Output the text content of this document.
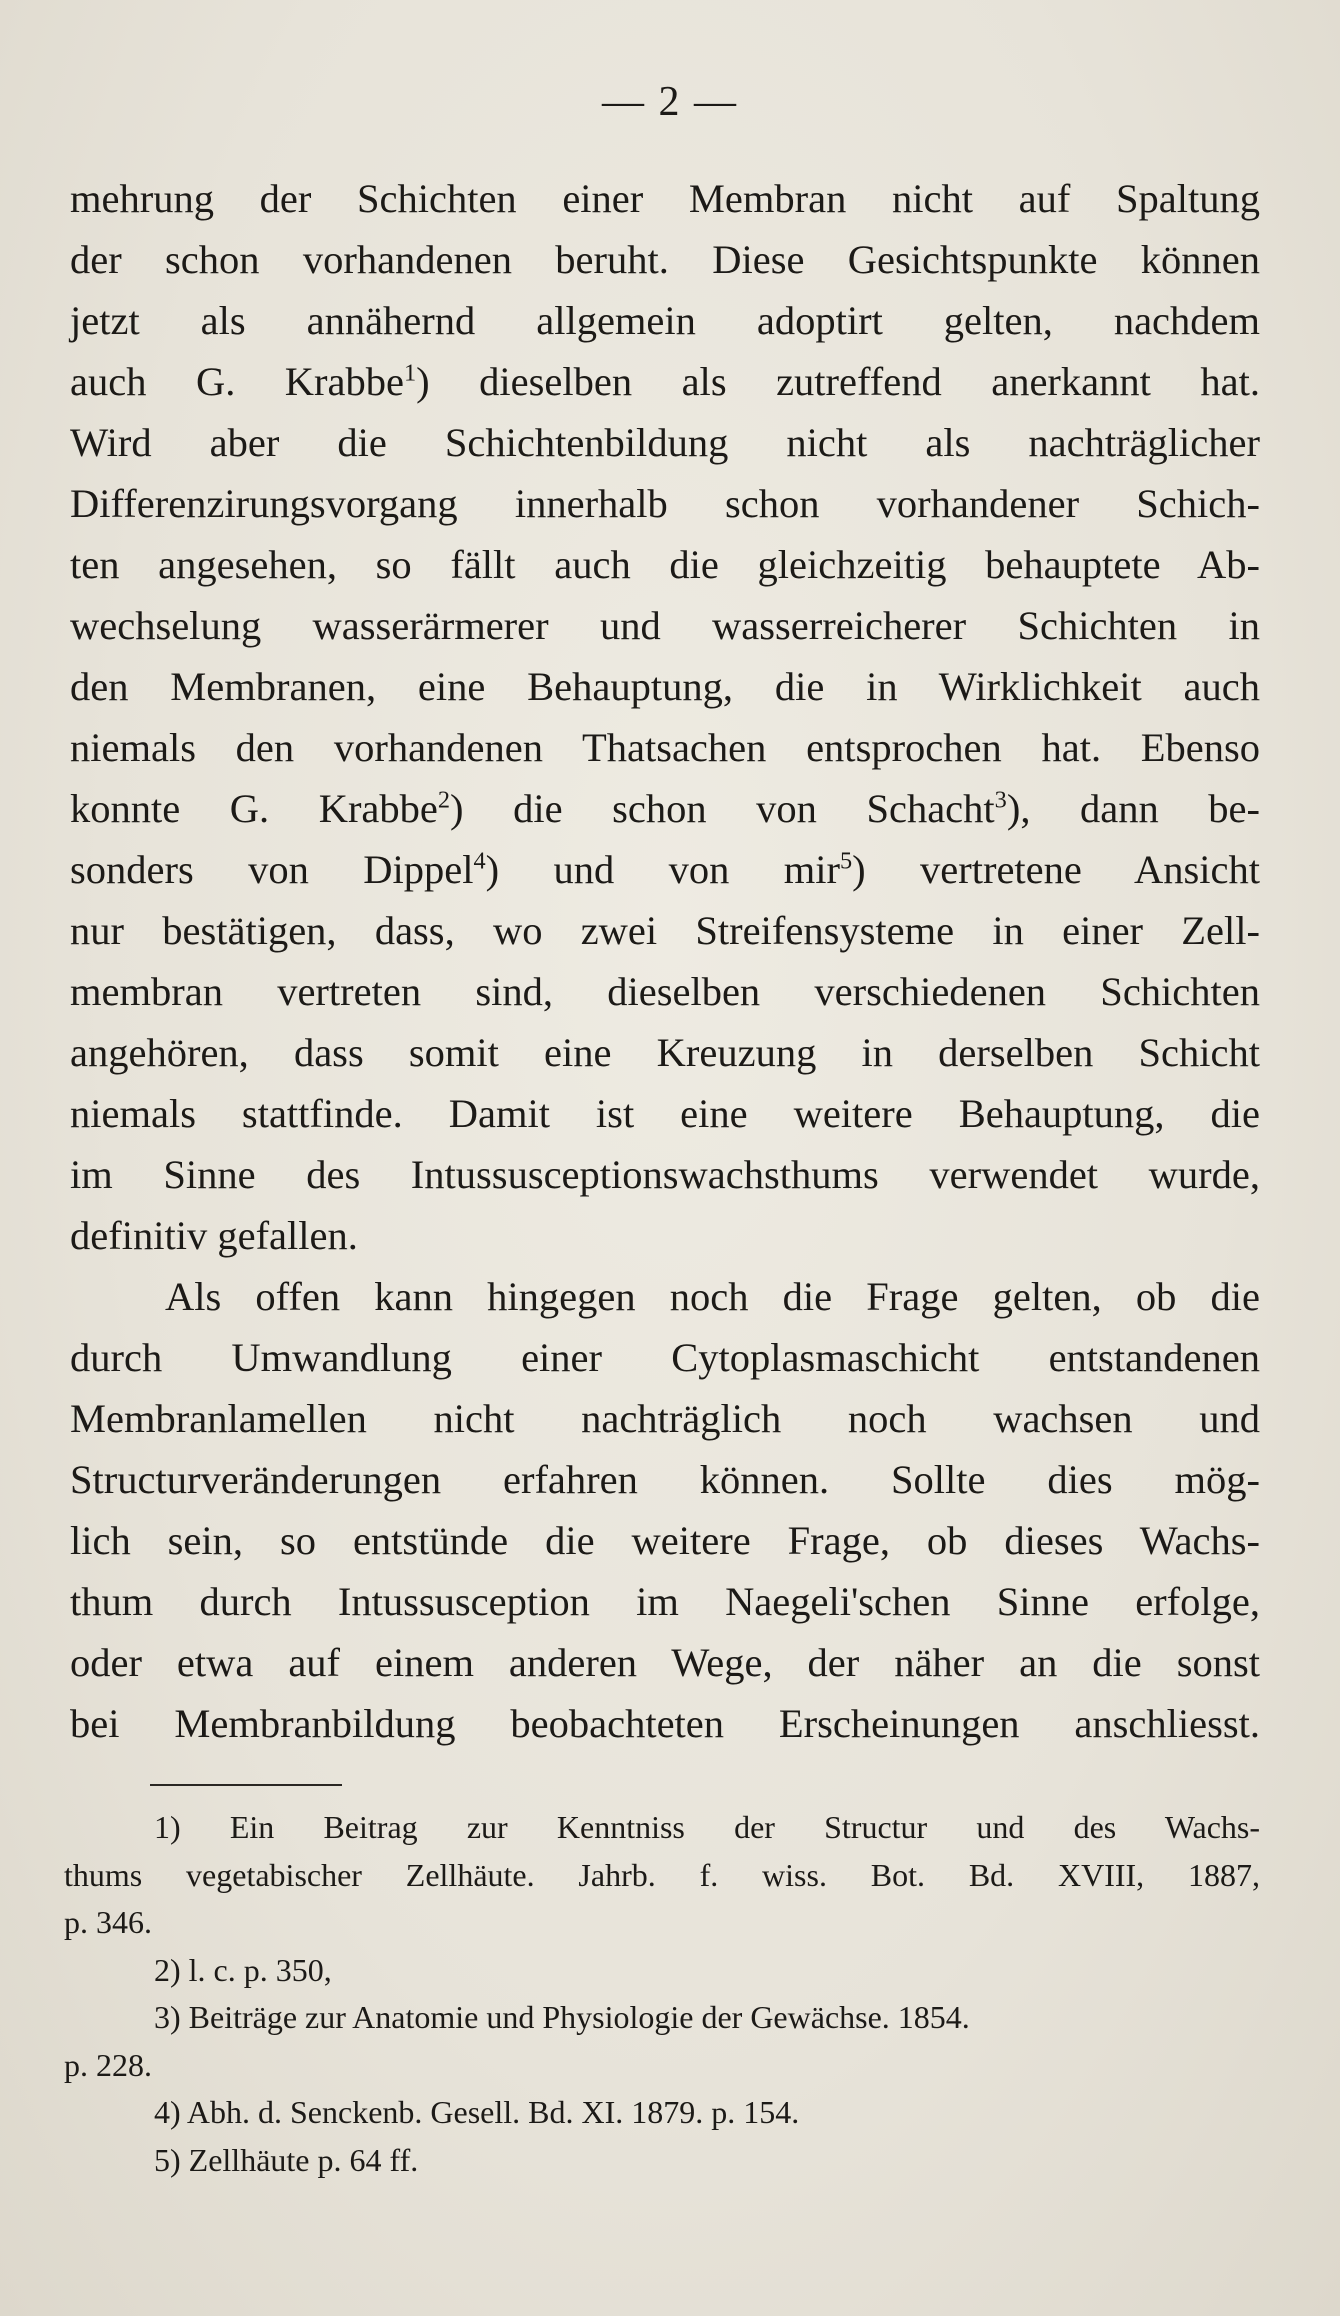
— 2 —
mehrung der Schichten einer Membran nicht auf Spaltung
der schon vorhandenen beruht. Diese Gesichtspunkte können
jetzt als annähernd allgemein adoptirt gelten, nachdem
auch G. Krabbe$^1$) dieselben als zutreffend anerkannt hat.
Wird aber die Schichtenbildung nicht als nachträglicher
Differenzirungsvorgang innerhalb schon vorhandener Schich-
ten angesehen, so fällt auch die gleichzeitig behauptete Ab-
wechselung wasserärmerer und wasserreicherer Schichten in
den Membranen, eine Behauptung, die in Wirklichkeit auch
niemals den vorhandenen Thatsachen entsprochen hat. Ebenso
konnte G. Krabbe$^2$) die schon von Schacht$^3$), dann be-
sonders von Dippel$^4$) und von mir$^5$) vertretene Ansicht
nur bestätigen, dass, wo zwei Streifensysteme in einer Zell-
membran vertreten sind, dieselben verschiedenen Schichten
angehören, dass somit eine Kreuzung in derselben Schicht
niemals stattfinde. Damit ist eine weitere Behauptung, die
im Sinne des Intussusceptionswachsthums verwendet wurde,
definitiv gefallen.
Als offen kann hingegen noch die Frage gelten, ob die
durch Umwandlung einer Cytoplasmaschicht entstandenen
Membranlamellen nicht nachträglich noch wachsen und
Structurveränderungen erfahren können. Sollte dies mög-
lich sein, so entstünde die weitere Frage, ob dieses Wachs-
thum durch Intussusception im Naegeli'schen Sinne erfolge,
oder etwa auf einem anderen Wege, der näher an die sonst
bei Membranbildung beobachteten Erscheinungen anschliesst.
1) Ein Beitrag zur Kenntniss der Structur und des Wachs-
thums vegetabischer Zellhäute. Jahrb. f. wiss. Bot. Bd. XVIII, 1887,
p. 346.
2) l. c. p. 350,
3) Beiträge zur Anatomie und Physiologie der Gewächse. 1854.
p. 228.
4) Abh. d. Senckenb. Gesell. Bd. XI. 1879. p. 154.
5) Zellhäute p. 64 ff.
